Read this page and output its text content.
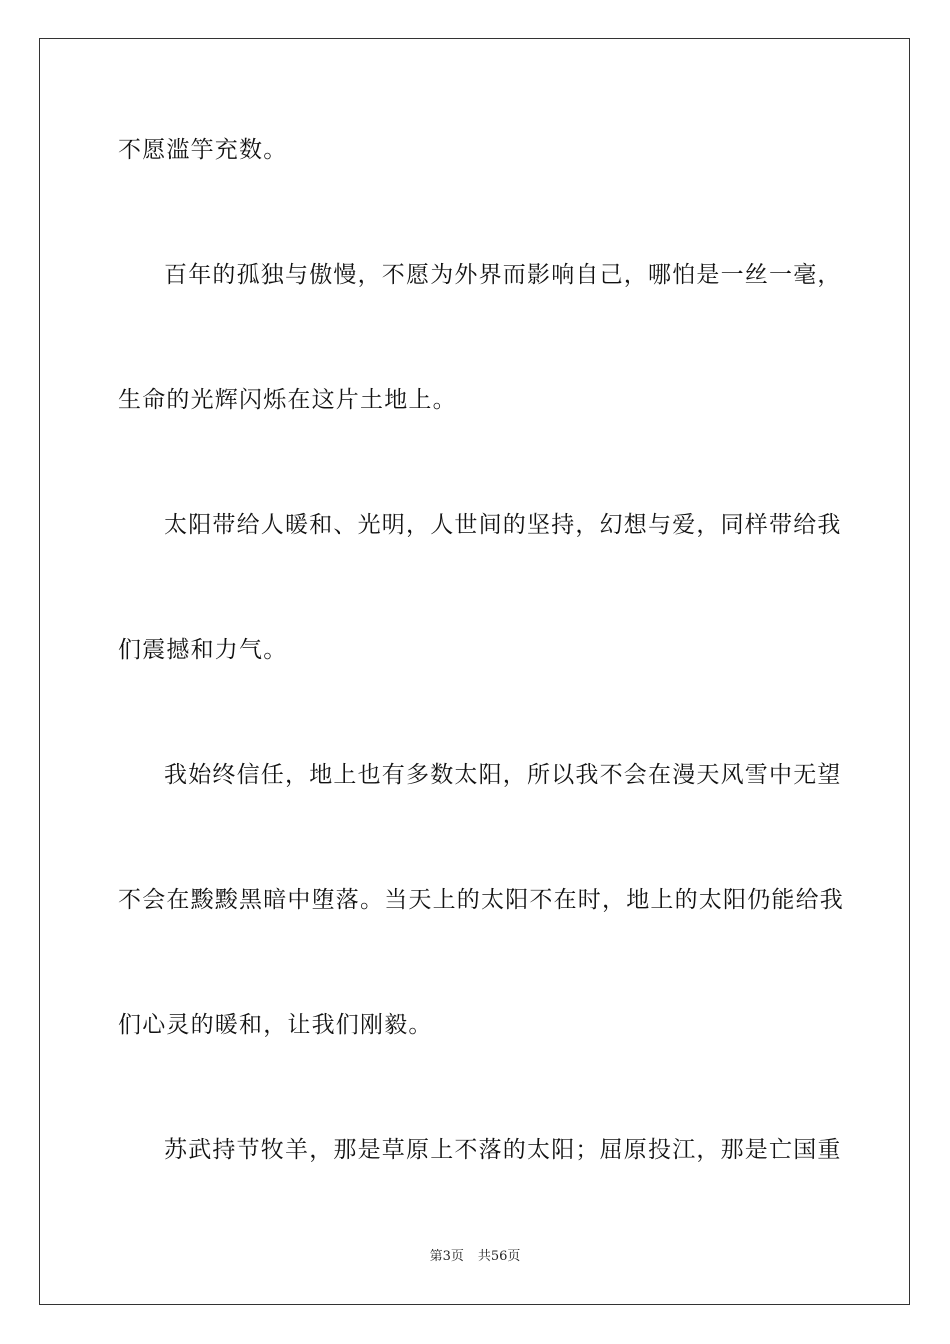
不愿滥竽充数。
百年的孤独与傲慢，不愿为外界而影响自己，哪怕是一丝一毫，
生命的光辉闪烁在这片土地上。
太阳带给人暖和、光明，人世间的坚持，幻想与爱，同样带给我
们震撼和力气。
我始终信任，地上也有多数太阳，所以我不会在漫天风雪中无望
不会在黢黢黑暗中堕落。当天上的太阳不在时，地上的太阳仍能给我
们心灵的暖和，让我们刚毅。
苏武持节牧羊，那是草原上不落的太阳；屈原投江，那是亡国重
第3页 共56页
